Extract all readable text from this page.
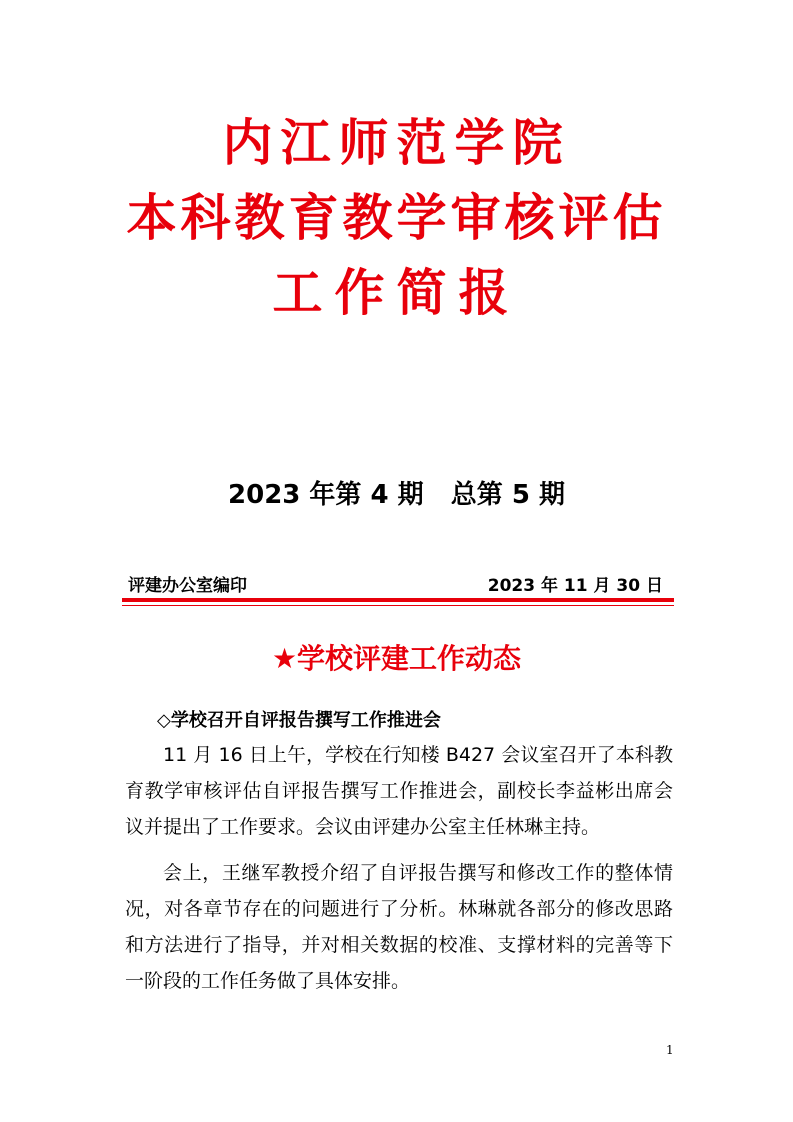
内江师范学院
本科教育教学审核评估
工作简报
2023 年第 4 期   总第 5 期
评建办公室编印	2023 年 11 月 30 日
★学校评建工作动态
◇学校召开自评报告撰写工作推进会
11 月 16 日上午，学校在行知楼 B427 会议室召开了本科教育教学审核评估自评报告撰写工作推进会，副校长李益彬出席会议并提出了工作要求。会议由评建办公室主任林琳主持。
会上，王继军教授介绍了自评报告撰写和修改工作的整体情况，对各章节存在的问题进行了分析。林琳就各部分的修改思路和方法进行了指导，并对相关数据的校准、支撑材料的完善等下一阶段的工作任务做了具体安排。
1
